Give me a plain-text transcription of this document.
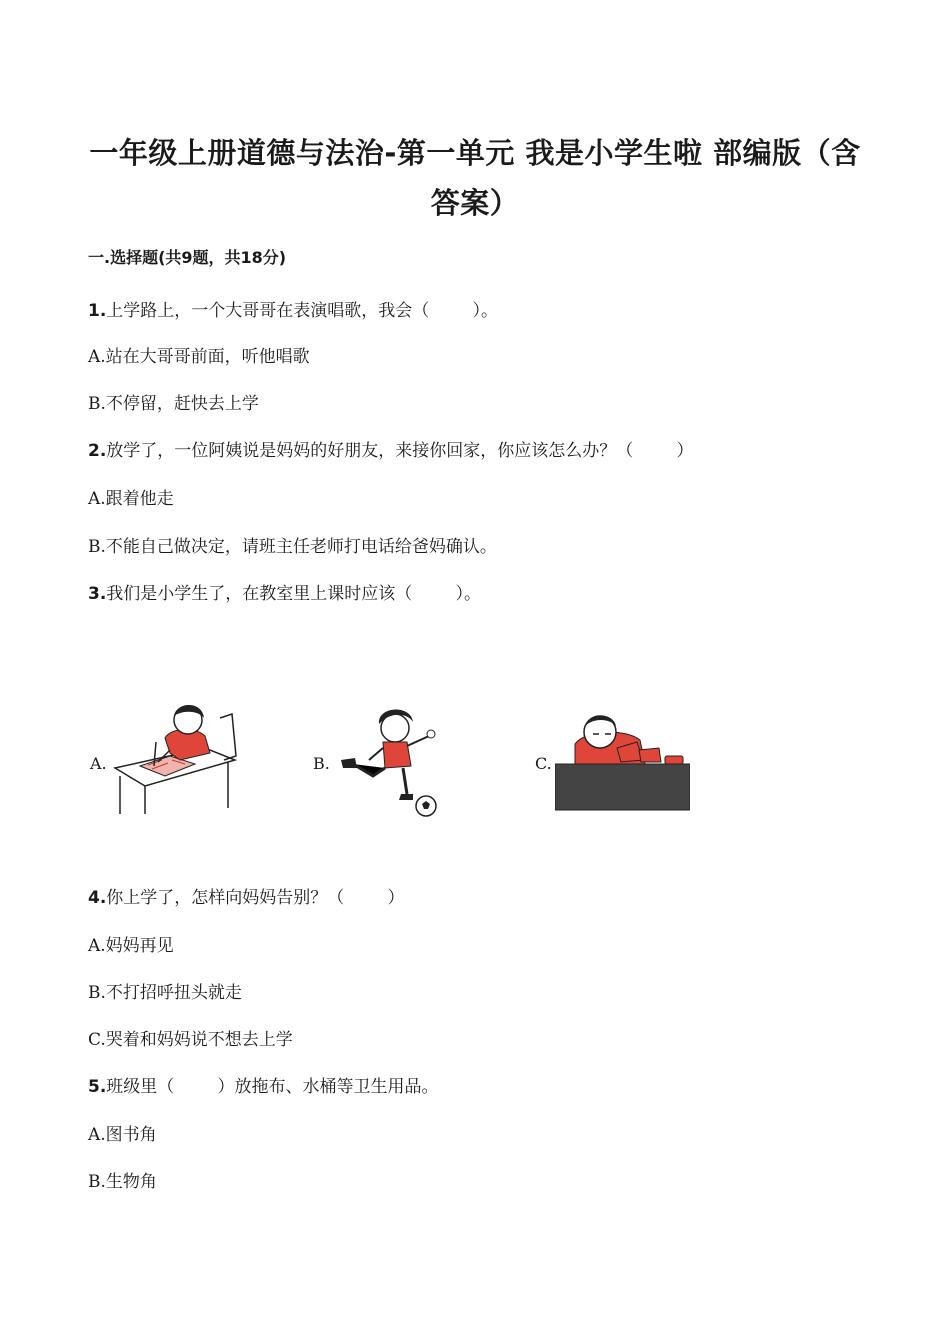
一年级上册道德与法治-第一单元 我是小学生啦 部编版（含
答案）
一.选择题(共9题，共18分)
1.上学路上，一个大哥哥在表演唱歌，我会（        ）。
A.站在大哥哥前面，听他唱歌
B.不停留，赶快去上学
2.放学了，一位阿姨说是妈妈的好朋友，来接你回家，你应该怎么办？（        ）
A.跟着他走
B.不能自己做决定，请班主任老师打电话给爸妈确认。
3.我们是小学生了，在教室里上课时应该（        ）。
A.	B.	C.
4.你上学了，怎样向妈妈告别？（        ）
A.妈妈再见
B.不打招呼扭头就走
C.哭着和妈妈说不想去上学
5.班级里（        ）放拖布、水桶等卫生用品。
A.图书角
B.生物角
